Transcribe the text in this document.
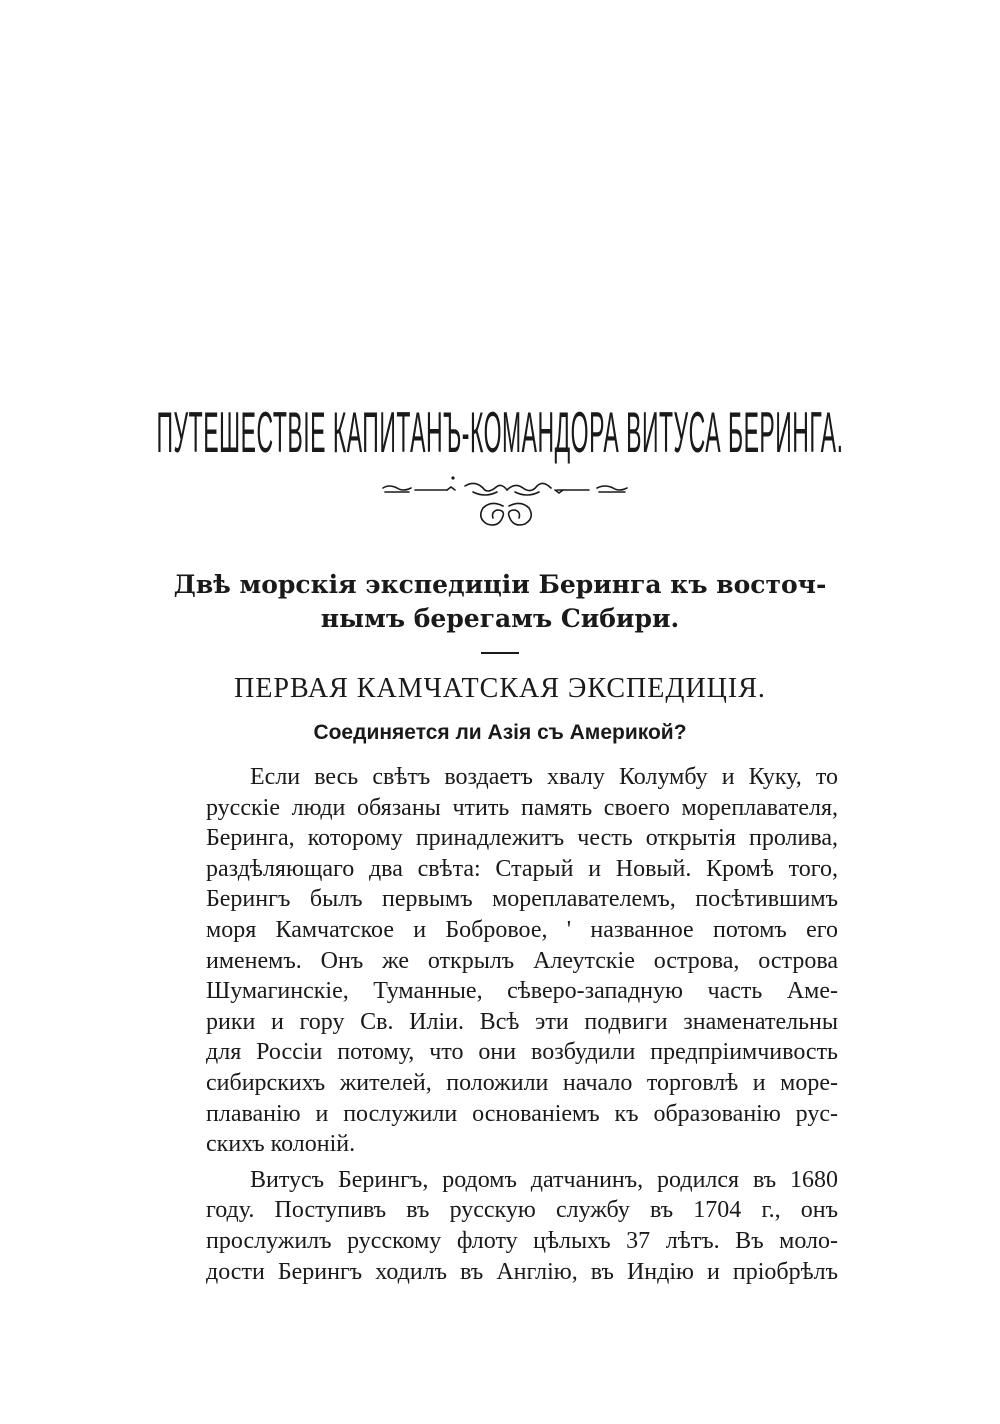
ПУТЕШЕСТВІЕ КАПИТАНЪ-КОМАНДОРА ВИТУСА БЕРИНГА.
Двѣ морскія экспедиціи Беринга къ восточ-
нымъ берегамъ Сибири.
ПЕРВАЯ КАМЧАТСКАЯ ЭКСПЕДИЦІЯ.
Соединяется ли Азія съ Америкой?

Если весь свѣтъ воздаетъ хвалу Колумбу и Куку, то
русскіе люди обязаны чтить память своего мореплавателя,
Беринга, которому принадлежитъ честь открытія пролива,
раздѣляющаго два свѣта: Старый и Новый. Кромѣ того,
Берингъ былъ первымъ мореплавателемъ, посѣтившимъ
моря Камчатское и Бобровое, ' названное потомъ его
именемъ. Онъ же открылъ Алеутскіе острова, острова
Шумагинскіе, Туманные, сѣверо-западную часть Аме-
рики и гору Св. Иліи. Всѣ эти подвиги знаменательны
для Россіи потому, что они возбудили предпріимчивость
сибирскихъ жителей, положили начало торговлѣ и море-
плаванію и послужили основаніемъ къ образованію рус-
скихъ колоній.

Витусъ Берингъ, родомъ датчанинъ, родился въ 1680
году. Поступивъ въ русскую службу въ 1704 г., онъ
прослужилъ русскому флоту цѣлыхъ 37 лѣтъ. Въ моло-
дости Берингъ ходилъ въ Англію, въ Индію и пріобрѣлъ
